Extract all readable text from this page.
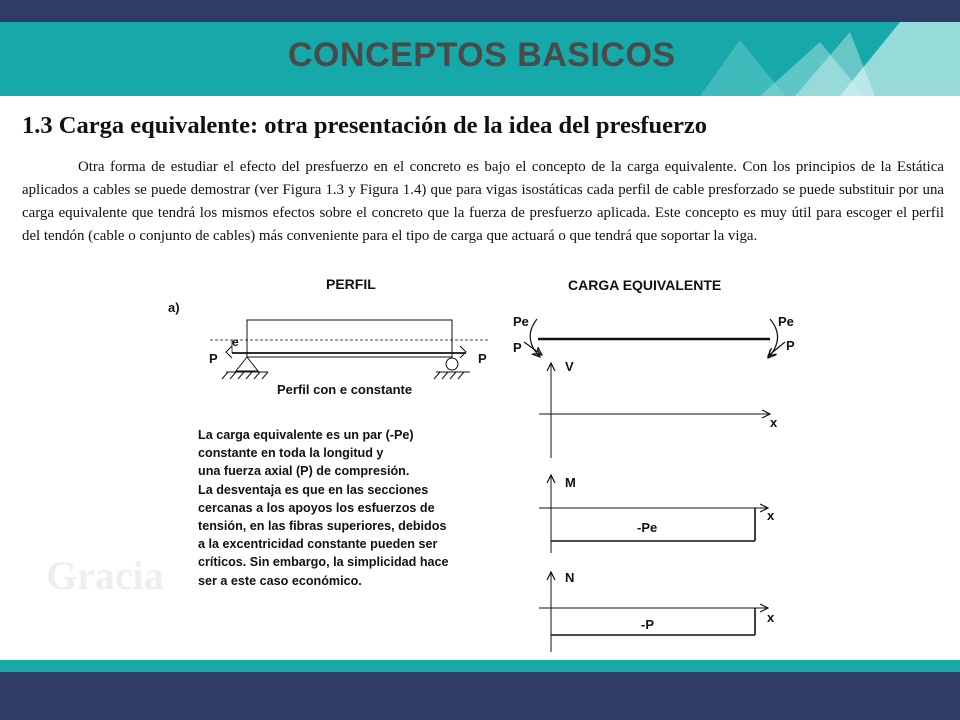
CONCEPTOS BASICOS
1.3 Carga equivalente: otra presentación de la idea del presfuerzo

Otra forma de estudiar el efecto del presfuerzo en el concreto es bajo el concepto de la carga equivalente. Con los principios de la Estática aplicados a cables se puede demostrar (ver Figura 1.3 y Figura 1.4) que para vigas isostáticas cada perfil de cable presforzado se puede substituir por una carga equivalente que tendrá los mismos efectos sobre el concreto que la fuerza de presfuerzo aplicada. Este concepto es muy útil para escoger el perfil del tendón (cable o conjunto de cables) más conveniente para el tipo de carga que actuará o que tendrá que soportar la viga.

Gracia
a)
PERFIL	CARGA EQUIVALENTE
e
P	P
Perfil con e constante
Pe
P
Pe
P
V
x
M
x
-Pe
N
x
-P
La carga equivalente es un par (-Pe)
constante en toda la longitud y
una fuerza axial (P) de compresión.
La desventaja es que en las secciones
cercanas a los apoyos los esfuerzos de
tensión, en las fibras superiores, debidos
a la excentricidad constante pueden ser
críticos. Sin embargo, la simplicidad hace
ser a este caso económico.
